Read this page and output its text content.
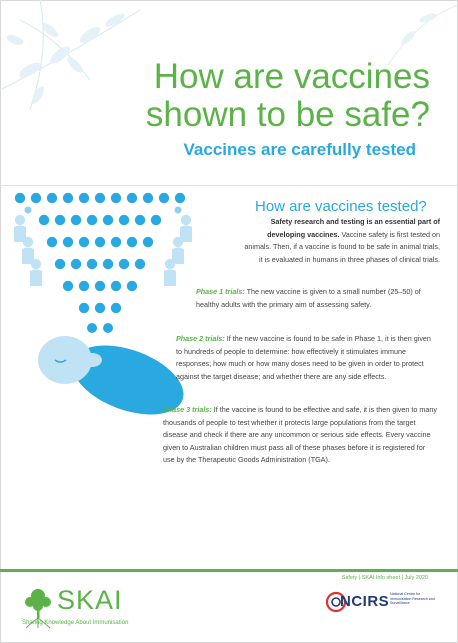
How are vaccines
shown to be safe?

Vaccines are carefully tested

How are vaccines tested?

Safety research and testing is an essential part of developing vaccines. Vaccine safety is first tested on animals. Then, if a vaccine is found to be safe in animal trials, it is evaluated in humans in three phases of clinical trials.

Phase 1 trials: The new vaccine is given to a small number (25–50) of healthy adults with the primary aim of assessing safety.

Phase 2 trials: If the new vaccine is found to be safe in Phase 1, it is then given to hundreds of people to determine: how effectively it stimulates immune responses; how much or how many doses need to be given in order to protect against the target disease; and whether there are any side effects.

Phase 3 trials: If the vaccine is found to be effective and safe, it is then given to many thousands of people to test whether it protects large populations from the target disease and check if there are any uncommon or serious side effects. Every vaccine given to Australian children must pass all of these phases before it is registered for use by the Therapeutic Goods Administration (TGA).

Safety | SKAI Info sheet | July 2020

SKAI

Sharing Knowledge About Immunisation

NCIRS National Centre for Immunisation Research and Surveillance
